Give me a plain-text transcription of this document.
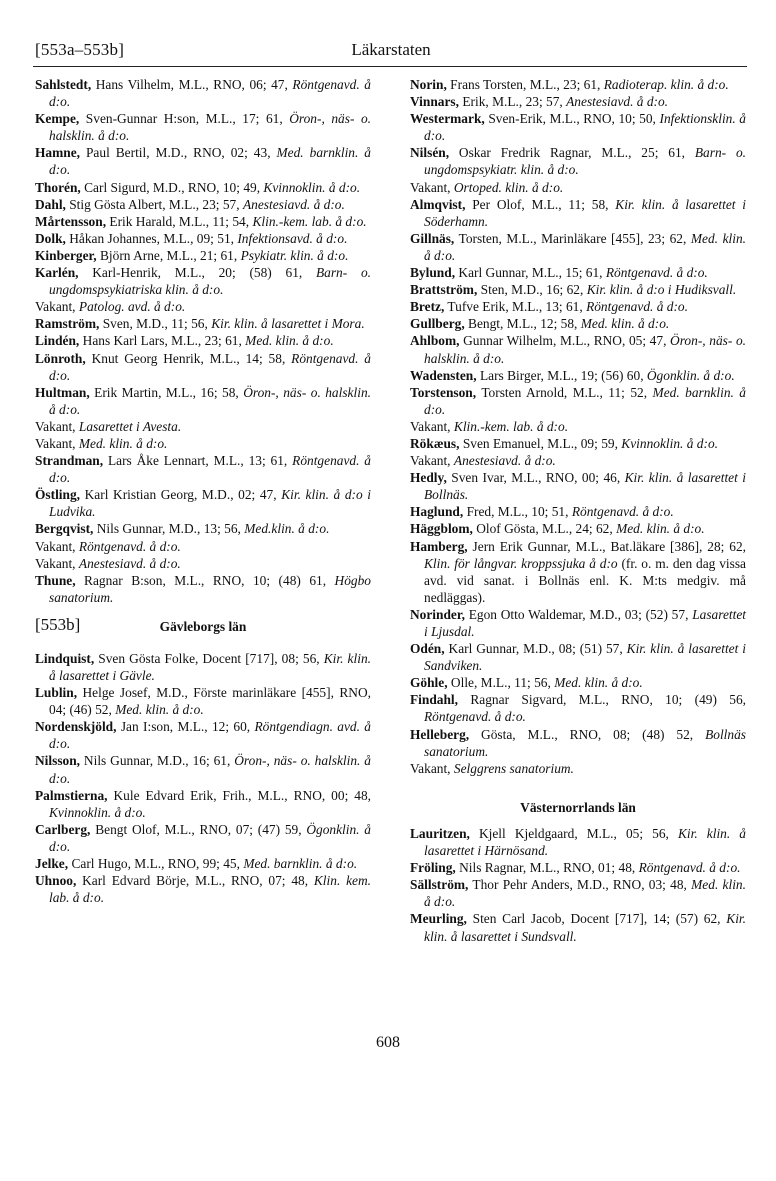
Läkarstaten
[553a–553b]

Sahlstedt, Hans Vilhelm, M.L., RNO, 06; 47, Röntgenavd. å d:o.

Kempe, Sven-Gunnar H:son, M.L., 17; 61, Öron-, näs- o. halsklin. å d:o.

Hamne, Paul Bertil, M.D., RNO, 02; 43, Med. barnklin. å d:o.

Thorén, Carl Sigurd, M.D., RNO, 10; 49, Kvinnoklin. å d:o.

Dahl, Stig Gösta Albert, M.L., 23; 57, Anestesiavd. å d:o.

Mårtensson, Erik Harald, M.L., 11; 54, Klin.-kem. lab. å d:o.

Dolk, Håkan Johannes, M.L., 09; 51, Infektionsavd. å d:o.

Kinberger, Björn Arne, M.L., 21; 61, Psykiatr. klin. å d:o.

Karlén, Karl-Henrik, M.L., 20; (58) 61, Barn- o. ungdomspsykiatriska klin. å d:o.

Vakant, Patolog. avd. å d:o.

Ramström, Sven, M.D., 11; 56, Kir. klin. å lasarettet i Mora.

Lindén, Hans Karl Lars, M.L., 23; 61, Med. klin. å d:o.

Lönroth, Knut Georg Henrik, M.L., 14; 58, Röntgenavd. å d:o.

Hultman, Erik Martin, M.L., 16; 58, Öron-, näs- o. halsklin. å d:o.

Vakant, Lasarettet i Avesta.

Vakant, Med. klin. å d:o.

Strandman, Lars Åke Lennart, M.L., 13; 61, Röntgenavd. å d:o.

Östling, Karl Kristian Georg, M.D., 02; 47, Kir. klin. å d:o i Ludvika.

Bergqvist, Nils Gunnar, M.D., 13; 56, Med.klin. å d:o.

Vakant, Röntgenavd. å d:o.

Vakant, Anestesiavd. å d:o.

Thune, Ragnar B:son, M.L., RNO, 10; (48) 61, Högbo sanatorium.

Gävleborgs län
[553b]

Lindquist, Sven Gösta Folke, Docent [717], 08; 56, Kir. klin. å lasarettet i Gävle.

Lublin, Helge Josef, M.D., Förste marinläkare [455], RNO, 04; (46) 52, Med. klin. å d:o.

Nordenskjöld, Jan I:son, M.L., 12; 60, Röntgendiagn. avd. å d:o.

Nilsson, Nils Gunnar, M.D., 16; 61, Öron-, näs- o. halsklin. å d:o.

Palmstierna, Kule Edvard Erik, Frih., M.L., RNO, 00; 48, Kvinnoklin. å d:o.

Carlberg, Bengt Olof, M.L., RNO, 07; (47) 59, Ögonklin. å d:o.

Jelke, Carl Hugo, M.L., RNO, 99; 45, Med. barnklin. å d:o.

Uhnoo, Karl Edvard Börje, M.L., RNO, 07; 48, Klin. kem. lab. å d:o.

Norin, Frans Torsten, M.L., 23; 61, Radioterap. klin. å d:o.

Vinnars, Erik, M.L., 23; 57, Anestesiavd. å d:o.

Westermark, Sven-Erik, M.L., RNO, 10; 50, Infektionsklin. å d:o.

Nilsén, Oskar Fredrik Ragnar, M.L., 25; 61, Barn- o. ungdomspsykiatr. klin. å d:o.

Vakant, Ortoped. klin. å d:o.

Almqvist, Per Olof, M.L., 11; 58, Kir. klin. å lasarettet i Söderhamn.

Gillnäs, Torsten, M.L., Marinläkare [455], 23; 62, Med. klin. å d:o.

Bylund, Karl Gunnar, M.L., 15; 61, Röntgenavd. å d:o.

Brattström, Sten, M.D., 16; 62, Kir. klin. å d:o i Hudiksvall.

Bretz, Tufve Erik, M.L., 13; 61, Röntgenavd. å d:o.

Gullberg, Bengt, M.L., 12; 58, Med. klin. å d:o.

Ahlbom, Gunnar Wilhelm, M.L., RNO, 05; 47, Öron-, näs- o. halsklin. å d:o.

Wadensten, Lars Birger, M.L., 19; (56) 60, Ögonklin. å d:o.

Torstenson, Torsten Arnold, M.L., 11; 52, Med. barnklin. å d:o.

Vakant, Klin.-kem. lab. å d:o.

Rökæus, Sven Emanuel, M.L., 09; 59, Kvinnoklin. å d:o.

Vakant, Anestesiavd. å d:o.

Hedly, Sven Ivar, M.L., RNO, 00; 46, Kir. klin. å lasarettet i Bollnäs.

Haglund, Fred, M.L., 10; 51, Röntgenavd. å d:o.

Häggblom, Olof Gösta, M.L., 24; 62, Med. klin. å d:o.

Hamberg, Jern Erik Gunnar, M.L., Bat.läkare [386], 28; 62, Klin. för långvar. kroppssjuka å d:o (fr. o. m. den dag vissa avd. vid sanat. i Bollnäs enl. K. M:ts medgiv. må nedläggas).

Norinder, Egon Otto Waldemar, M.D., 03; (52) 57, Lasarettet i Ljusdal.

Odén, Karl Gunnar, M.D., 08; (51) 57, Kir. klin. å lasarettet i Sandviken.

Göhle, Olle, M.L., 11; 56, Med. klin. å d:o.

Findahl, Ragnar Sigvard, M.L., RNO, 10; (49) 56, Röntgenavd. å d:o.

Helleberg, Gösta, M.L., RNO, 08; (48) 52, Bollnäs sanatorium.

Vakant, Selggrens sanatorium.

Västernorrlands län

Lauritzen, Kjell Kjeldgaard, M.L., 05; 56, Kir. klin. å lasarettet i Härnösand.

Fröling, Nils Ragnar, M.L., RNO, 01; 48, Röntgenavd. å d:o.

Sällström, Thor Pehr Anders, M.D., RNO, 03; 48, Med. klin. å d:o.

Meurling, Sten Carl Jacob, Docent [717], 14; (57) 62, Kir. klin. å lasarettet i Sundsvall.

608
